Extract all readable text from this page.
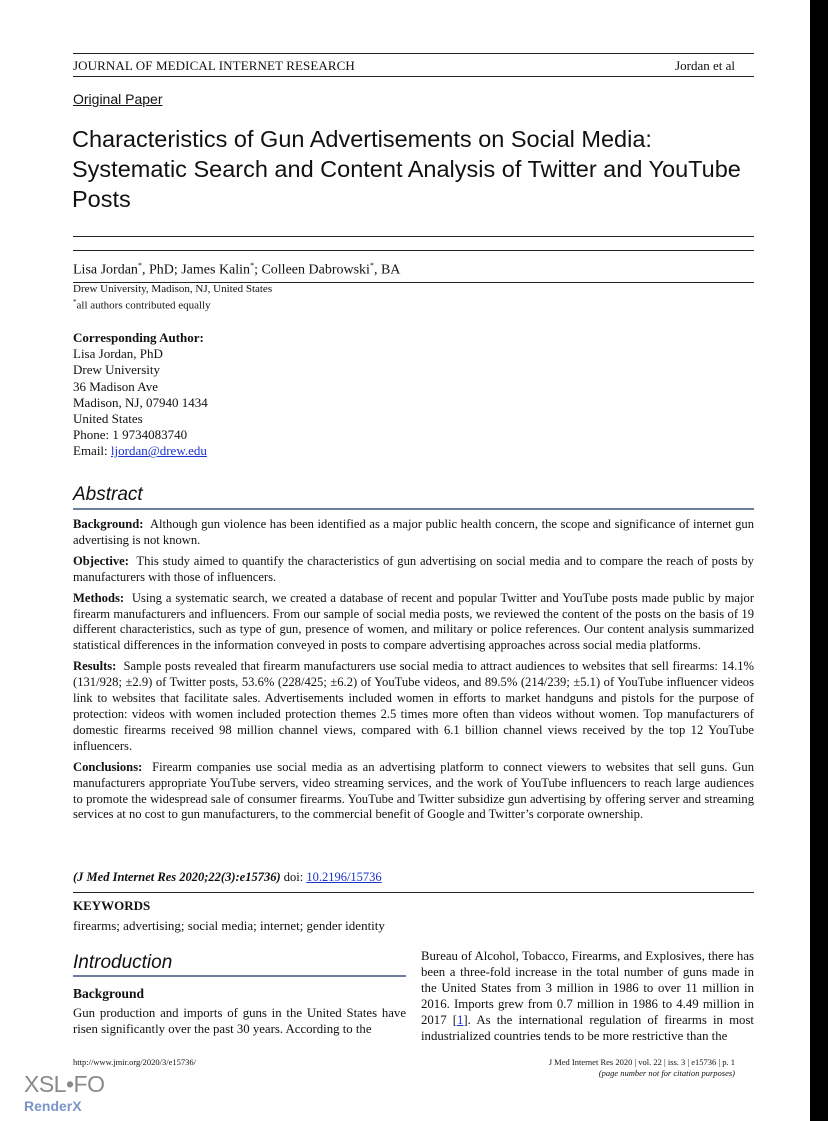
JOURNAL OF MEDICAL INTERNET RESEARCH	Jordan et al
Original Paper
Characteristics of Gun Advertisements on Social Media: Systematic Search and Content Analysis of Twitter and YouTube Posts
Lisa Jordan*, PhD; James Kalin*; Colleen Dabrowski*, BA
Drew University, Madison, NJ, United States
*all authors contributed equally
Corresponding Author:
Lisa Jordan, PhD
Drew University
36 Madison Ave
Madison, NJ, 07940 1434
United States
Phone: 1 9734083740
Email: ljordan@drew.edu
Abstract

Background: Although gun violence has been identified as a major public health concern, the scope and significance of internet gun advertising is not known.

Objective: This study aimed to quantify the characteristics of gun advertising on social media and to compare the reach of posts by manufacturers with those of influencers.

Methods: Using a systematic search, we created a database of recent and popular Twitter and YouTube posts made public by major firearm manufacturers and influencers. From our sample of social media posts, we reviewed the content of the posts on the basis of 19 different characteristics, such as type of gun, presence of women, and military or police references. Our content analysis summarized statistical differences in the information conveyed in posts to compare advertising approaches across social media platforms.

Results: Sample posts revealed that firearm manufacturers use social media to attract audiences to websites that sell firearms: 14.1% (131/928; ±2.9) of Twitter posts, 53.6% (228/425; ±6.2) of YouTube videos, and 89.5% (214/239; ±5.1) of YouTube influencer videos link to websites that facilitate sales. Advertisements included women in efforts to market handguns and pistols for the purpose of protection: videos with women included protection themes 2.5 times more often than videos without women. Top manufacturers of domestic firearms received 98 million channel views, compared with 6.1 billion channel views received by the top 12 YouTube influencers.

Conclusions: Firearm companies use social media as an advertising platform to connect viewers to websites that sell guns. Gun manufacturers appropriate YouTube servers, video streaming services, and the work of YouTube influencers to reach large audiences to promote the widespread sale of consumer firearms. YouTube and Twitter subsidize gun advertising by offering server and streaming services at no cost to gun manufacturers, to the commercial benefit of Google and Twitter’s corporate ownership.

(J Med Internet Res 2020;22(3):e15736) doi: 10.2196/15736
KEYWORDS
firearms; advertising; social media; internet; gender identity
Introduction
Background
Gun production and imports of guns in the United States have risen significantly over the past 30 years. According to the
Bureau of Alcohol, Tobacco, Firearms, and Explosives, there has been a three-fold increase in the total number of guns made in the United States from 3 million in 1986 to over 11 million in 2016. Imports grew from 0.7 million in 1986 to 4.49 million in 2017 [1]. As the international regulation of firearms in most industrialized countries tends to be more restrictive than the
http://www.jmir.org/2020/3/e15736/	J Med Internet Res 2020 | vol. 22 | iss. 3 | e15736 | p. 1
(page number not for citation purposes)
XSL•FO
RenderX
